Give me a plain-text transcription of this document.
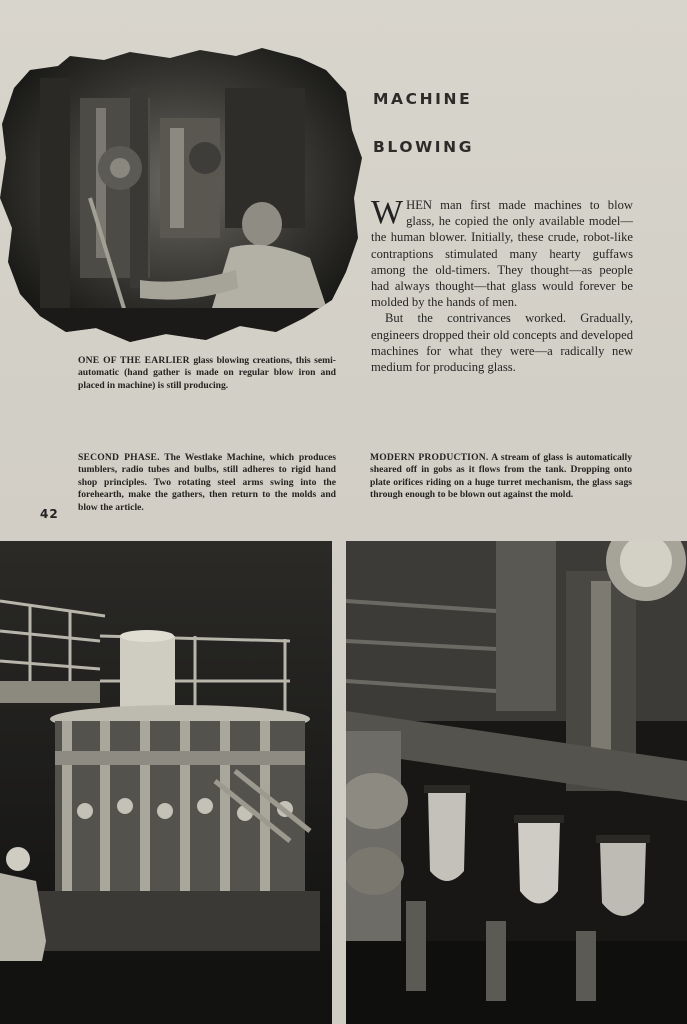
MACHINE
BLOWING

WHEN man first made machines to blow glass, he copied the only available model—the human blower. Initially, these crude, robot-like contraptions stimulated many hearty guffaws among the old-timers. They thought—as people had always thought—that glass would forever be molded by the hands of men.

But the contrivances worked. Gradually, engineers dropped their old concepts and developed machines for what they were—a radically new medium for producing glass.

ONE OF THE EARLIER glass blowing creations, this semi-automatic (hand gather is made on regular blow iron and placed in machine) is still producing.
SECOND PHASE. The Westlake Machine, which produces tumblers, radio tubes and bulbs, still adheres to rigid hand shop principles. Two rotating steel arms swing into the forehearth, make the gathers, then return to the molds and blow the article.
MODERN PRODUCTION. A stream of glass is automatically sheared off in gobs as it flows from the tank. Dropping onto plate orifices riding on a huge turret mechanism, the glass sags through enough to be blown out against the mold.
42
